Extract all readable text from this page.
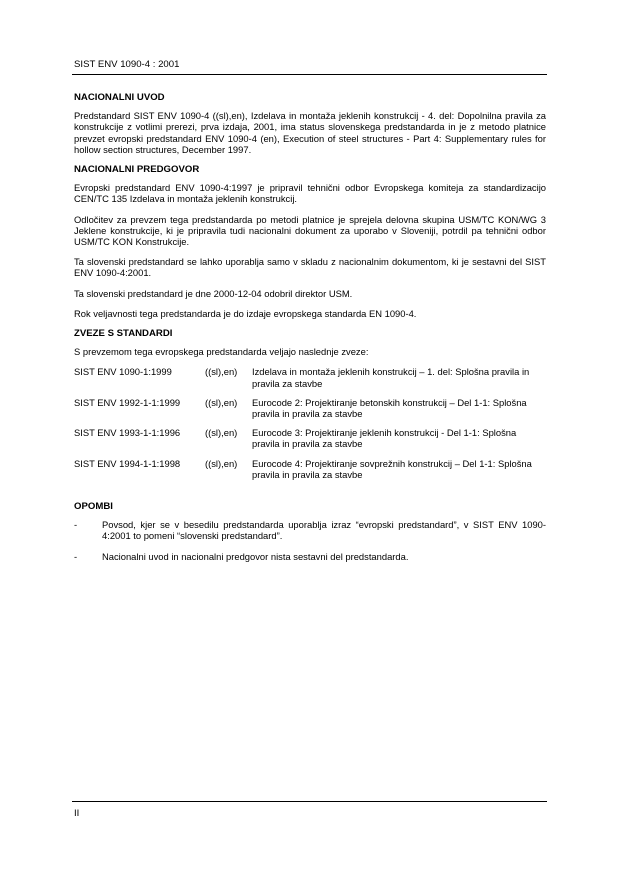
SIST ENV 1090-4 : 2001
NACIONALNI UVOD
Predstandard SIST ENV 1090-4 ((sl),en), Izdelava in montaža jeklenih konstrukcij - 4. del: Dopolnilna pravila za konstrukcije z votlimi prerezi, prva izdaja, 2001, ima status slovenskega predstandarda in je z metodo platnice prevzet evropski predstandard ENV 1090-4 (en), Execution of steel structures - Part 4: Supplementary rules for hollow section structures, December 1997.
NACIONALNI PREDGOVOR
Evropski predstandard ENV 1090-4:1997 je pripravil tehnični odbor Evropskega komiteja za standardizacijo CEN/TC 135 Izdelava in montaža jeklenih konstrukcij.
Odločitev za prevzem tega predstandarda po metodi platnice je sprejela delovna skupina USM/TC KON/WG 3 Jeklene konstrukcije, ki je pripravila tudi nacionalni dokument za uporabo v Sloveniji, potrdil pa tehnični odbor USM/TC KON Konstrukcije.
Ta slovenski predstandard se lahko uporablja samo v skladu z nacionalnim dokumentom, ki je sestavni del SIST ENV 1090-4:2001.
Ta slovenski predstandard je dne 2000-12-04 odobril direktor USM.
Rok veljavnosti tega predstandarda je do izdaje evropskega standarda EN 1090-4.
ZVEZE S STANDARDI
S prevzemom tega evropskega predstandarda veljajo naslednje zveze:
SIST ENV 1090-1:1999	((sl),en)	Izdelava in montaža jeklenih konstrukcij – 1. del: Splošna pravila in pravila za stavbe
SIST ENV 1992-1-1:1999	((sl),en)	Eurocode 2: Projektiranje betonskih konstrukcij – Del 1-1: Splošna pravila in pravila za stavbe
SIST ENV 1993-1-1:1996	((sl),en)	Eurocode 3: Projektiranje jeklenih konstrukcij - Del 1-1: Splošna pravila in pravila za stavbe
SIST ENV 1994-1-1:1998	((sl),en)	Eurocode 4: Projektiranje sovprežnih konstrukcij – Del 1-1: Splošna pravila in pravila za stavbe
OPOMBI
-	Povsod, kjer se v besedilu predstandarda uporablja izraz “evropski predstandard”, v SIST ENV 1090-4:2001 to pomeni “slovenski predstandard”.
-	Nacionalni uvod in nacionalni predgovor nista sestavni del predstandarda.
II
